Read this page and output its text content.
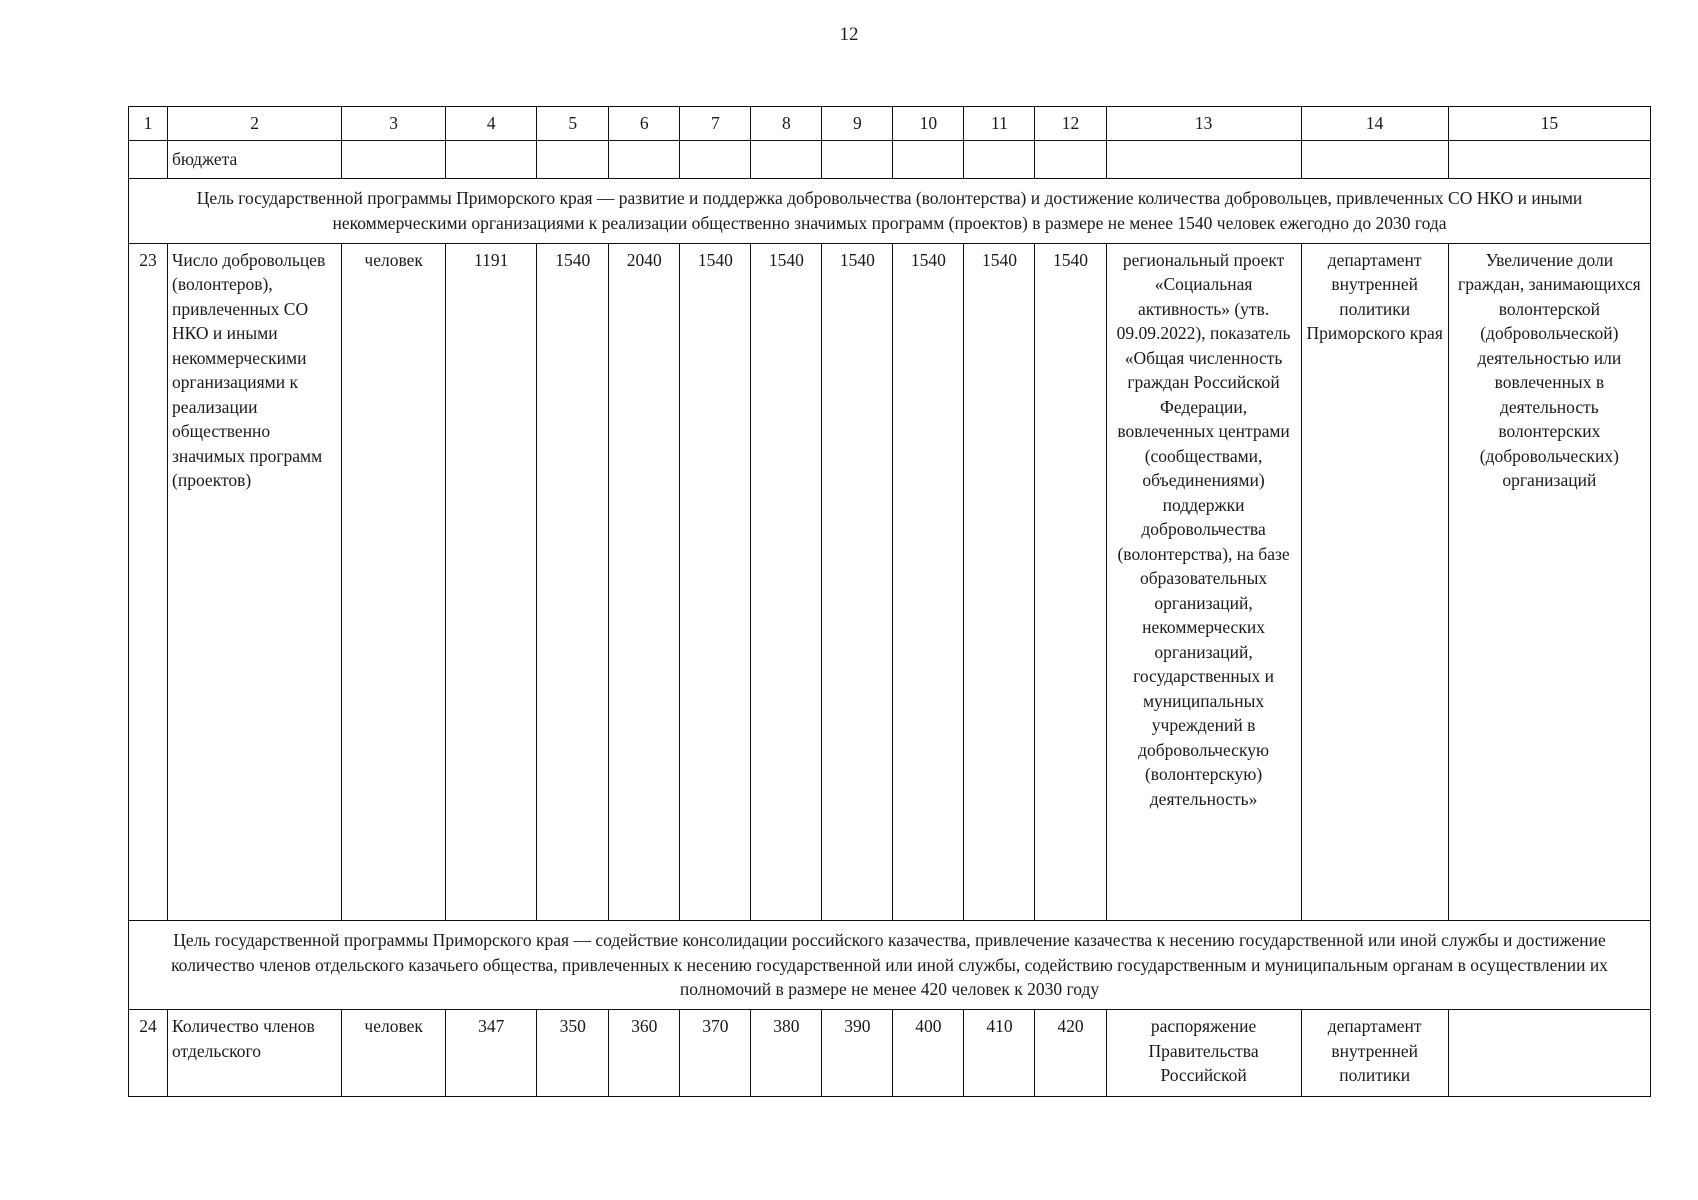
12
1	2	3	4	5	6	7	8	9	10	11	12	13	14	15
	бюджета													
Цель государственной программы Приморского края — развитие и поддержка добровольчества (волонтерства) и достижение количества добровольцев, привлеченных СО НКО и иными некоммерческими организациями к реализации общественно значимых программ (проектов) в размере не менее 1540 человек ежегодно до 2030 года														
23	Число добровольцев (волонтеров), привлеченных СО НКО и иными некоммерческими организациями к реализации общественно значимых программ (проектов)	человек	1191	1540	2040	1540	1540	1540	1540	1540	1540	региональный проект «Социальная активность» (утв. 09.09.2022), показатель «Общая численность граждан Российской Федерации, вовлеченных центрами (сообществами, объединениями) поддержки добровольчества (волонтерства), на базе образовательных организаций, некоммерческих организаций, государственных и муниципальных учреждений в добровольческую (волонтерскую) деятельность»	департамент внутренней политики Приморского края	Увеличение доли граждан, занимающихся волонтерской (добровольческой) деятельностью или вовлеченных в деятельность волонтерских (добровольческих) организаций
Цель государственной программы Приморского края — содействие консолидации российского казачества, привлечение казачества к несению государственной или иной службы и достижение количество членов отдельского казачьего общества, привлеченных к несению государственной или иной службы, содействию государственным и муниципальным органам в осуществлении их полномочий в размере не менее 420 человек к 2030 году														
24	Количество членов отдельского	человек	347	350	360	370	380	390	400	410	420	распоряжение Правительства Российской	департамент внутренней политики	
